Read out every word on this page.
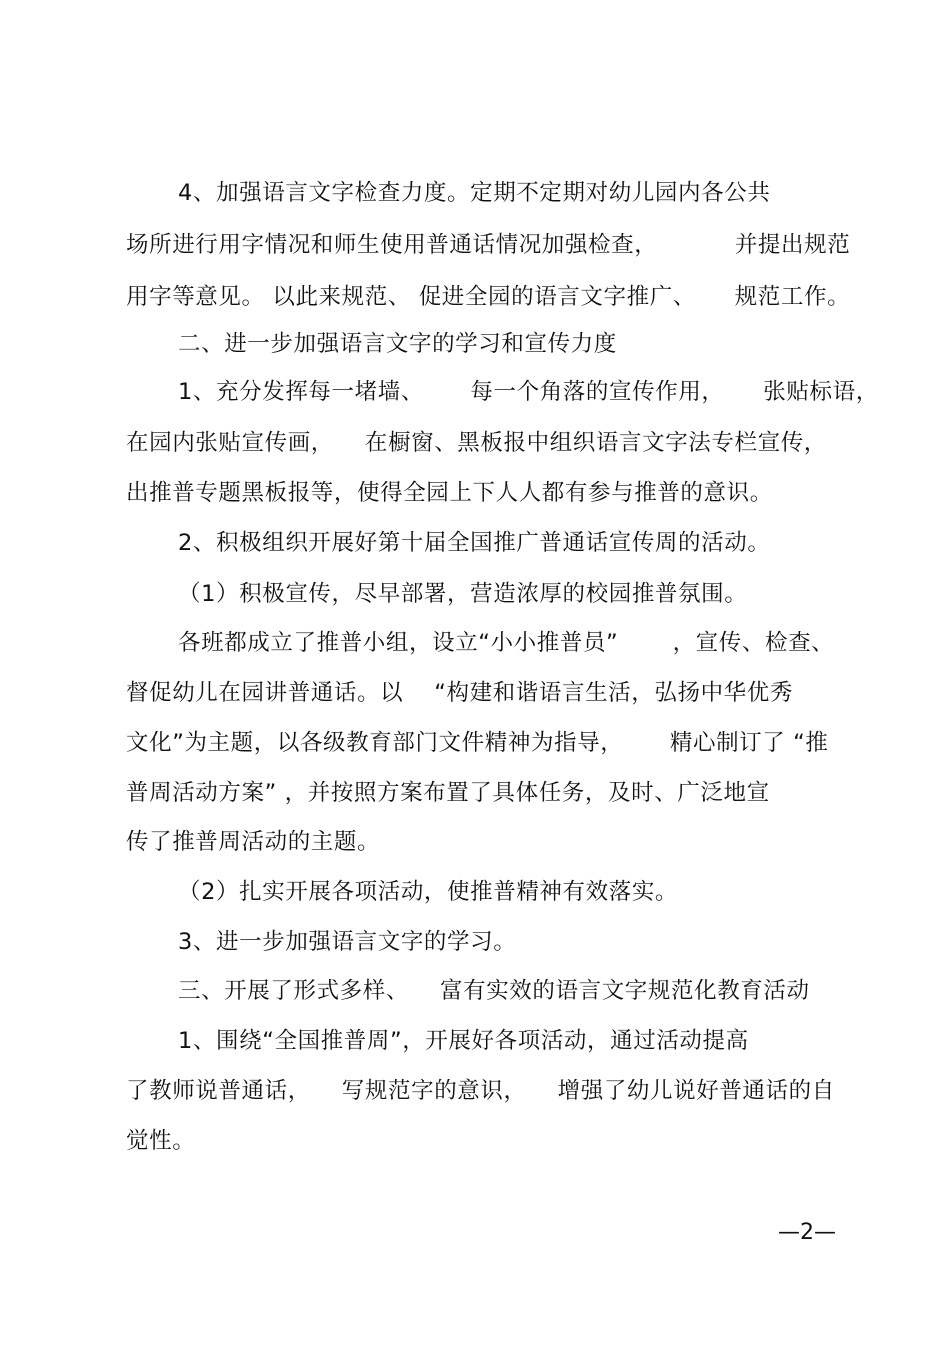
4、加强语言文字检查力度。定期不定期对幼儿园内各公共
场所进行用字情况和师生使用普通话情况加强检查，          并提出规范
用字等意见。 以此来规范、 促进全园的语言文字推广、     规范工作。
二、进一步加强语言文字的学习和宣传力度
1、充分发挥每一堵墙、      每一个角落的宣传作用，     张贴标语，
在园内张贴宣传画，    在橱窗、黑板报中组织语言文字法专栏宣传，
出推普专题黑板报等，使得全园上下人人都有参与推普的意识。
2、积极组织开展好第十届全国推广普通话宣传周的活动。
（1）积极宣传，尽早部署，营造浓厚的校园推普氛围。
各班都成立了推普小组，设立“小小推普员”       ，宣传、检查、
督促幼儿在园讲普通话。以    “构建和谐语言生活，弘扬中华优秀
文化”为主题，以各级教育部门文件精神为指导，      精心制订了 “推
普周活动方案” ，并按照方案布置了具体任务，及时、广泛地宣
传了推普周活动的主题。
（2）扎实开展各项活动，使推普精神有效落实。
3、进一步加强语言文字的学习。
三、开展了形式多样、    富有实效的语言文字规范化教育活动
1、围绕“全国推普周”，开展好各项活动，通过活动提高
了教师说普通话，    写规范字的意识，    增强了幼儿说好普通话的自
觉性。
—2—
